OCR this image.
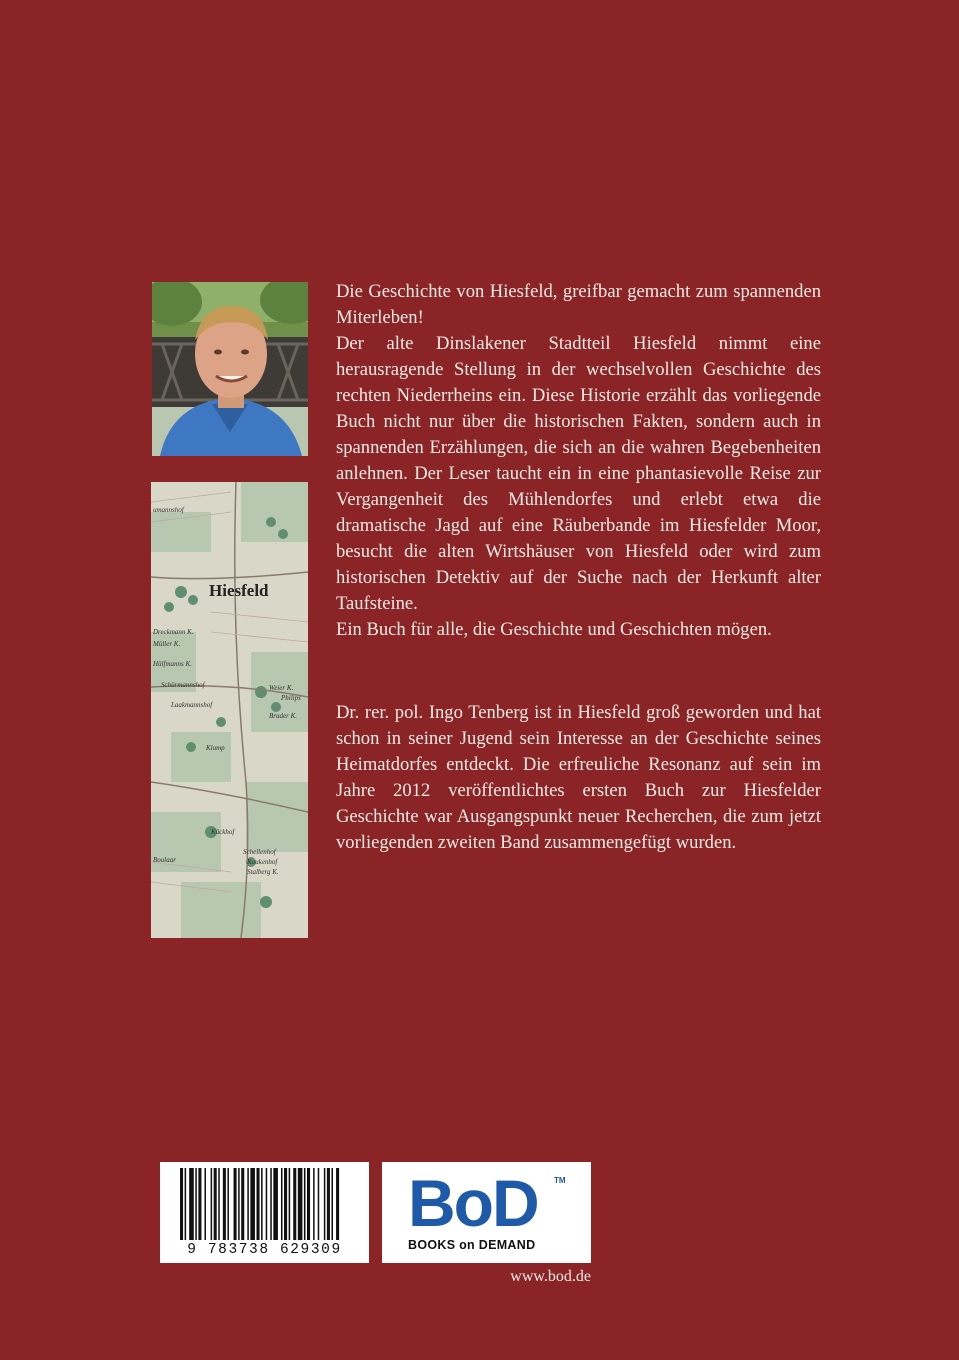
Hiesfeld
umannshof
Dreckmann K.
Müller K.
Hülfmanns K.
Schürmannshof
Laakmannshof
Weier K.
Philips
Bruder K.
Klump
Kückhof
Schellenhof
Koukenhof
Stalberg K.
Boulaar

Die Geschichte von Hiesfeld, greifbar gemacht zum spannenden Miterleben!

Der alte Dinslakener Stadtteil Hiesfeld nimmt eine herausragende Stellung in der wechselvollen Geschichte des rechten Niederrheins ein. Diese Historie erzählt das vorliegende Buch nicht nur über die historischen Fakten, sondern auch in spannenden Erzählungen, die sich an die wahren Begebenheiten anlehnen. Der Leser taucht ein in eine phantasievolle Reise zur Vergangenheit des Mühlendorfes und erlebt etwa die dramatische Jagd auf eine Räuberbande im Hiesfelder Moor, besucht die alten Wirtshäuser von Hiesfeld oder wird zum historischen Detektiv auf der Suche nach der Herkunft alter Taufsteine.

Ein Buch für alle, die Geschichte und Geschichten mögen.

Dr. rer. pol. Ingo Tenberg ist in Hiesfeld groß geworden und hat schon in seiner Jugend sein Interesse an der Geschichte seines Heimatdorfes entdeckt. Die erfreuliche Resonanz auf sein im Jahre 2012 veröffentlichtes ersten Buch zur Hiesfelder Geschichte war Ausgangspunkt neuer Recherchen, die zum jetzt vorliegenden zweiten Band zusammengefügt wurden.

9 783738 629309
BoD TM
BOOKS on DEMAND
www.bod.de
